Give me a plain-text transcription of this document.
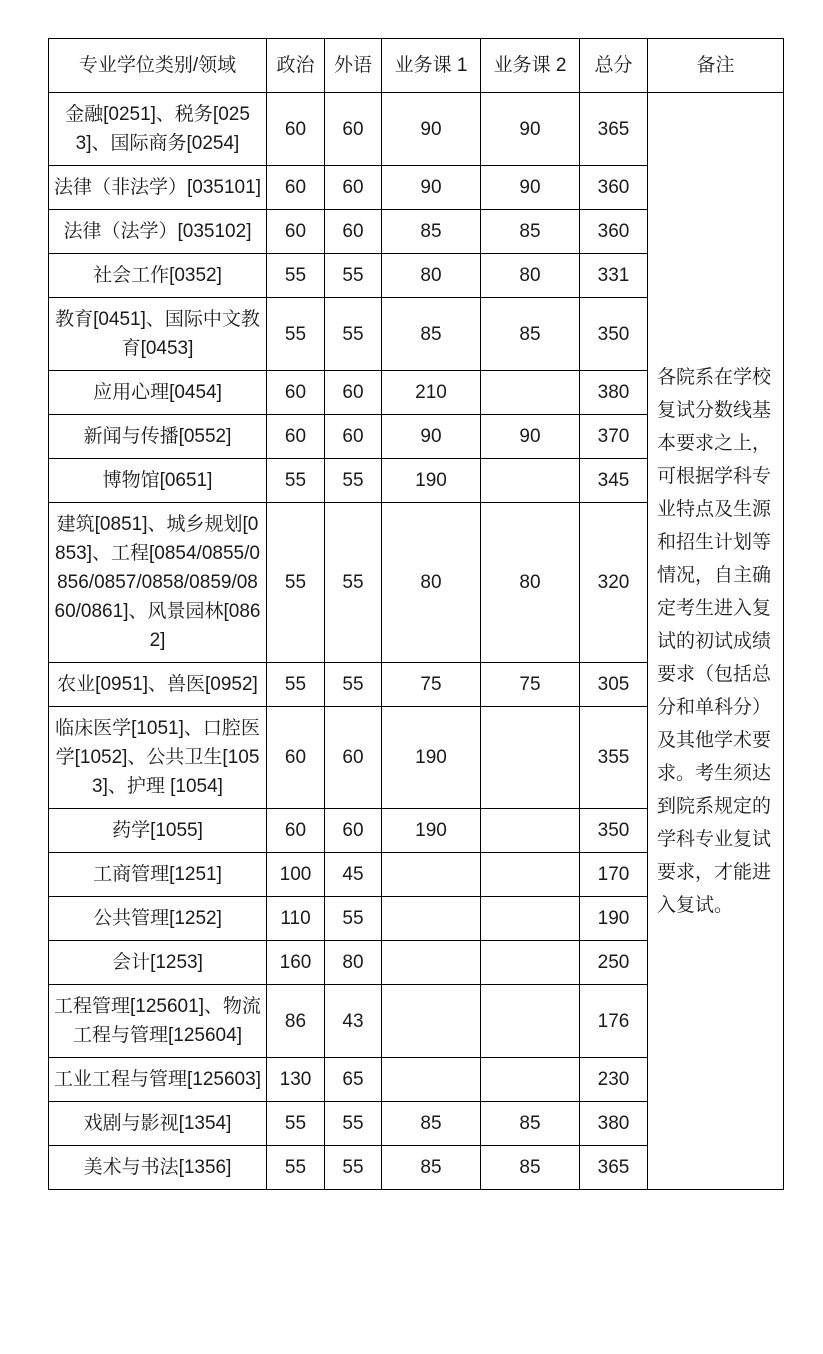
专业学位类别/领域	政治	外语	业务课 1	业务课 2	总分	备注
金融[0251]、税务[0253]、国际商务[0254]	60	60	90	90	365	各院系在学校复试分数线基本要求之上，可根据学科专业特点及生源和招生计划等情况，自主确定考生进入复试的初试成绩要求（包括总分和单科分）及其他学术要求。考生须达到院系规定的学科专业复试要求，才能进入复试。
法律（非法学）[035101]	60	60	90	90	360	
法律（法学）[035102]	60	60	85	85	360	
社会工作[0352]	55	55	80	80	331	
教育[0451]、国际中文教育[0453]	55	55	85	85	350	
应用心理[0454]	60	60	210		380	
新闻与传播[0552]	60	60	90	90	370	
博物馆[0651]	55	55	190		345	
建筑[0851]、城乡规划[0853]、工程[0854/0855/0856/0857/0858/0859/0860/0861]、风景园林[0862]	55	55	80	80	320	
农业[0951]、兽医[0952]	55	55	75	75	305	
临床医学[1051]、口腔医学[1052]、公共卫生[1053]、护理 [1054]	60	60	190		355	
药学[1055]	60	60	190		350	
工商管理[1251]	100	45			170	
公共管理[1252]	110	55			190	
会计[1253]	160	80			250	
工程管理[125601]、物流工程与管理[125604]	86	43			176	
工业工程与管理[125603]	130	65			230	
戏剧与影视[1354]	55	55	85	85	380	
美术与书法[1356]	55	55	85	85	365	
